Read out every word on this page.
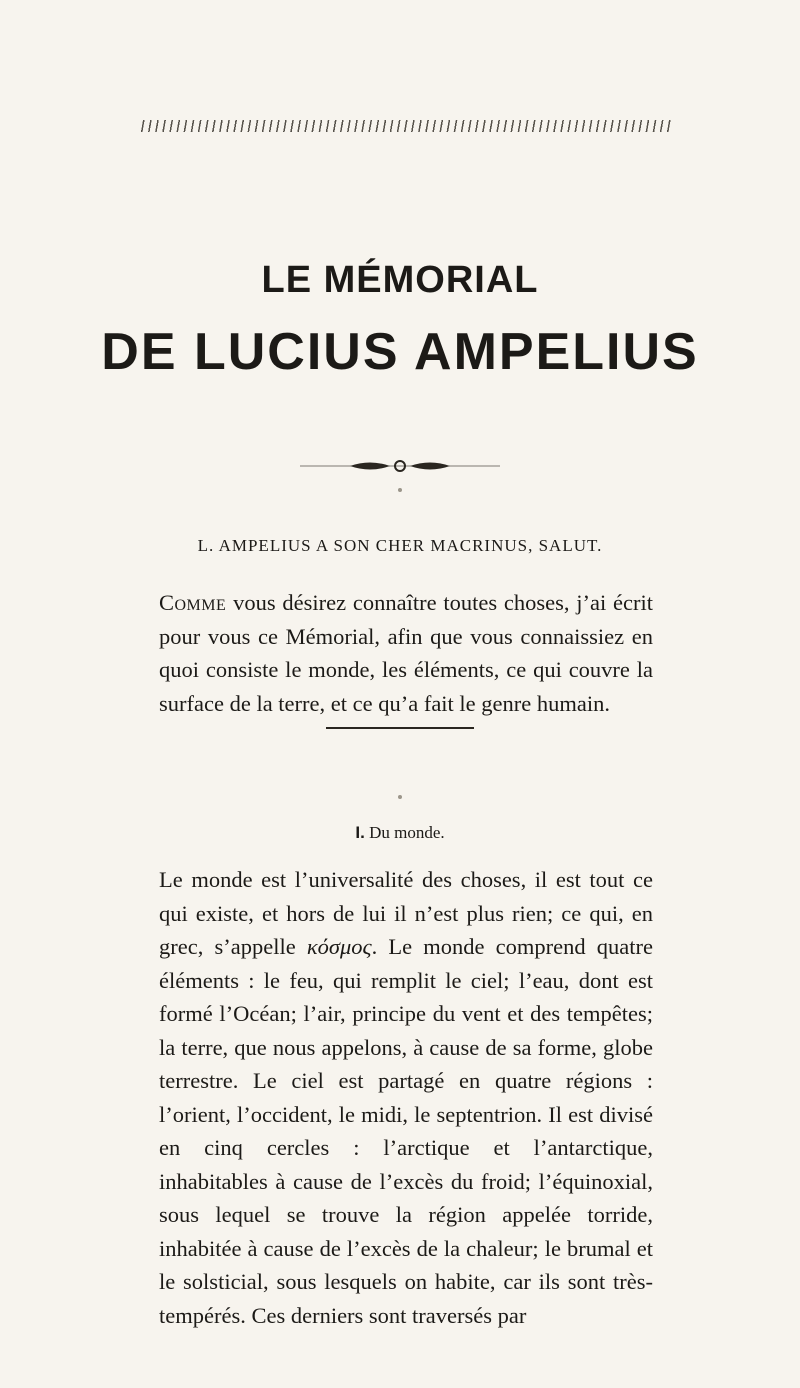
LE MÉMORIAL
DE LUCIUS AMPELIUS
L. AMPELIUS A SON CHER MACRINUS, SALUT.
Comme vous désirez connaître toutes choses, j’ai écrit pour vous ce Mémorial, afin que vous connaissiez en quoi consiste le monde, les éléments, ce qui couvre la surface de la terre, et ce qu’a fait le genre humain.
I. Du monde.
Le monde est l’universalité des choses, il est tout ce qui existe, et hors de lui il n’est plus rien; ce qui, en grec, s’appelle κόσμος. Le monde comprend quatre éléments : le feu, qui remplit le ciel; l’eau, dont est formé l’Océan; l’air, principe du vent et des tempêtes; la terre, que nous appelons, à cause de sa forme, globe terrestre. Le ciel est partagé en quatre régions : l’orient, l’occident, le midi, le septentrion. Il est divisé en cinq cercles : l’arctique et l’antarctique, inhabitables à cause de l’excès du froid; l’équinoxial, sous lequel se trouve la région appelée torride, inhabitée à cause de l’excès de la chaleur; le brumal et le solsticial, sous lesquels on habite, car ils sont très-tempérés. Ces derniers sont traversés par
